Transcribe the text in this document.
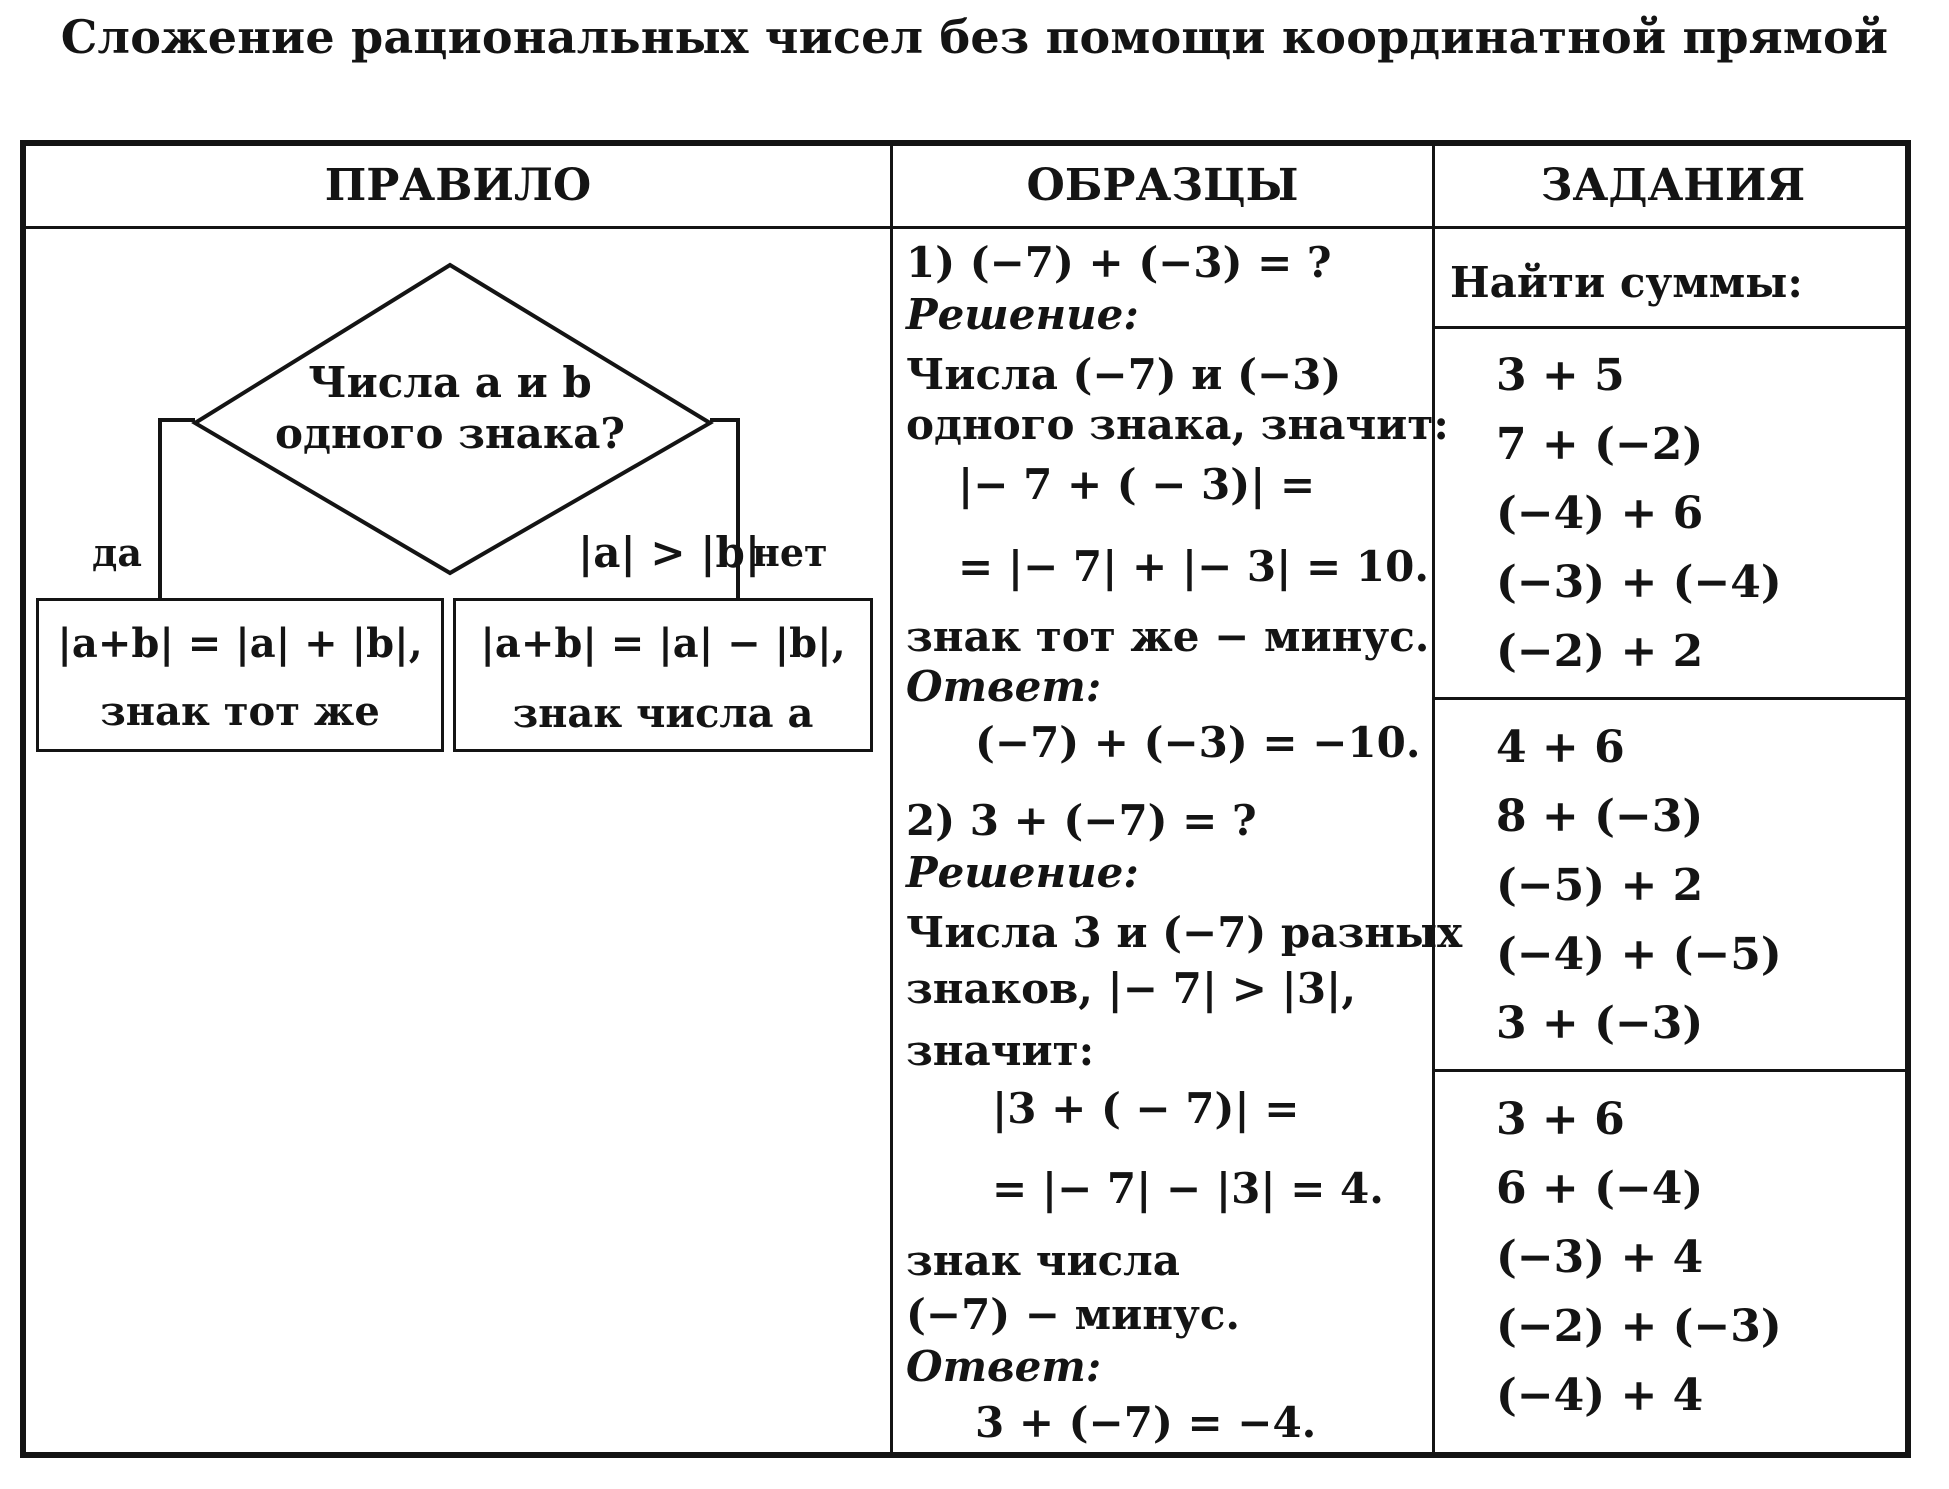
Сложение рациональных чисел без помощи координатной прямой
ПРАВИЛО	ОБРАЗЦЫ	ЗАДАНИЯ
Числа a и b
одного знака?
да	|a| > |b|
нет
|a+b| = |a| + |b|,
знак тот же
|a+b| = |a| − |b|,
знак числа a
1) (−7) + (−3) = ?
Решение:
Числа (−7) и (−3)
одного знака, значит:
|− 7 + ( − 3)| =
= |− 7| + |− 3| = 10.
знак тот же − минус.
Ответ:
(−7) + (−3) = −10.
2) 3 + (−7) = ?
Решение:
Числа 3 и (−7) разных
знаков, |− 7| > |3|,
значит:
|3 + ( − 7)| =
= |− 7| − |3| = 4.
знак числа
(−7) − минус.
Ответ:
3 + (−7) = −4.
Найти суммы:
3 + 5
7 + (−2)
(−4) + 6
(−3) + (−4)
(−2) + 2
4 + 6
8 + (−3)
(−5) + 2
(−4) + (−5)
3 + (−3)
3 + 6
6 + (−4)
(−3) + 4
(−2) + (−3)
(−4) + 4
